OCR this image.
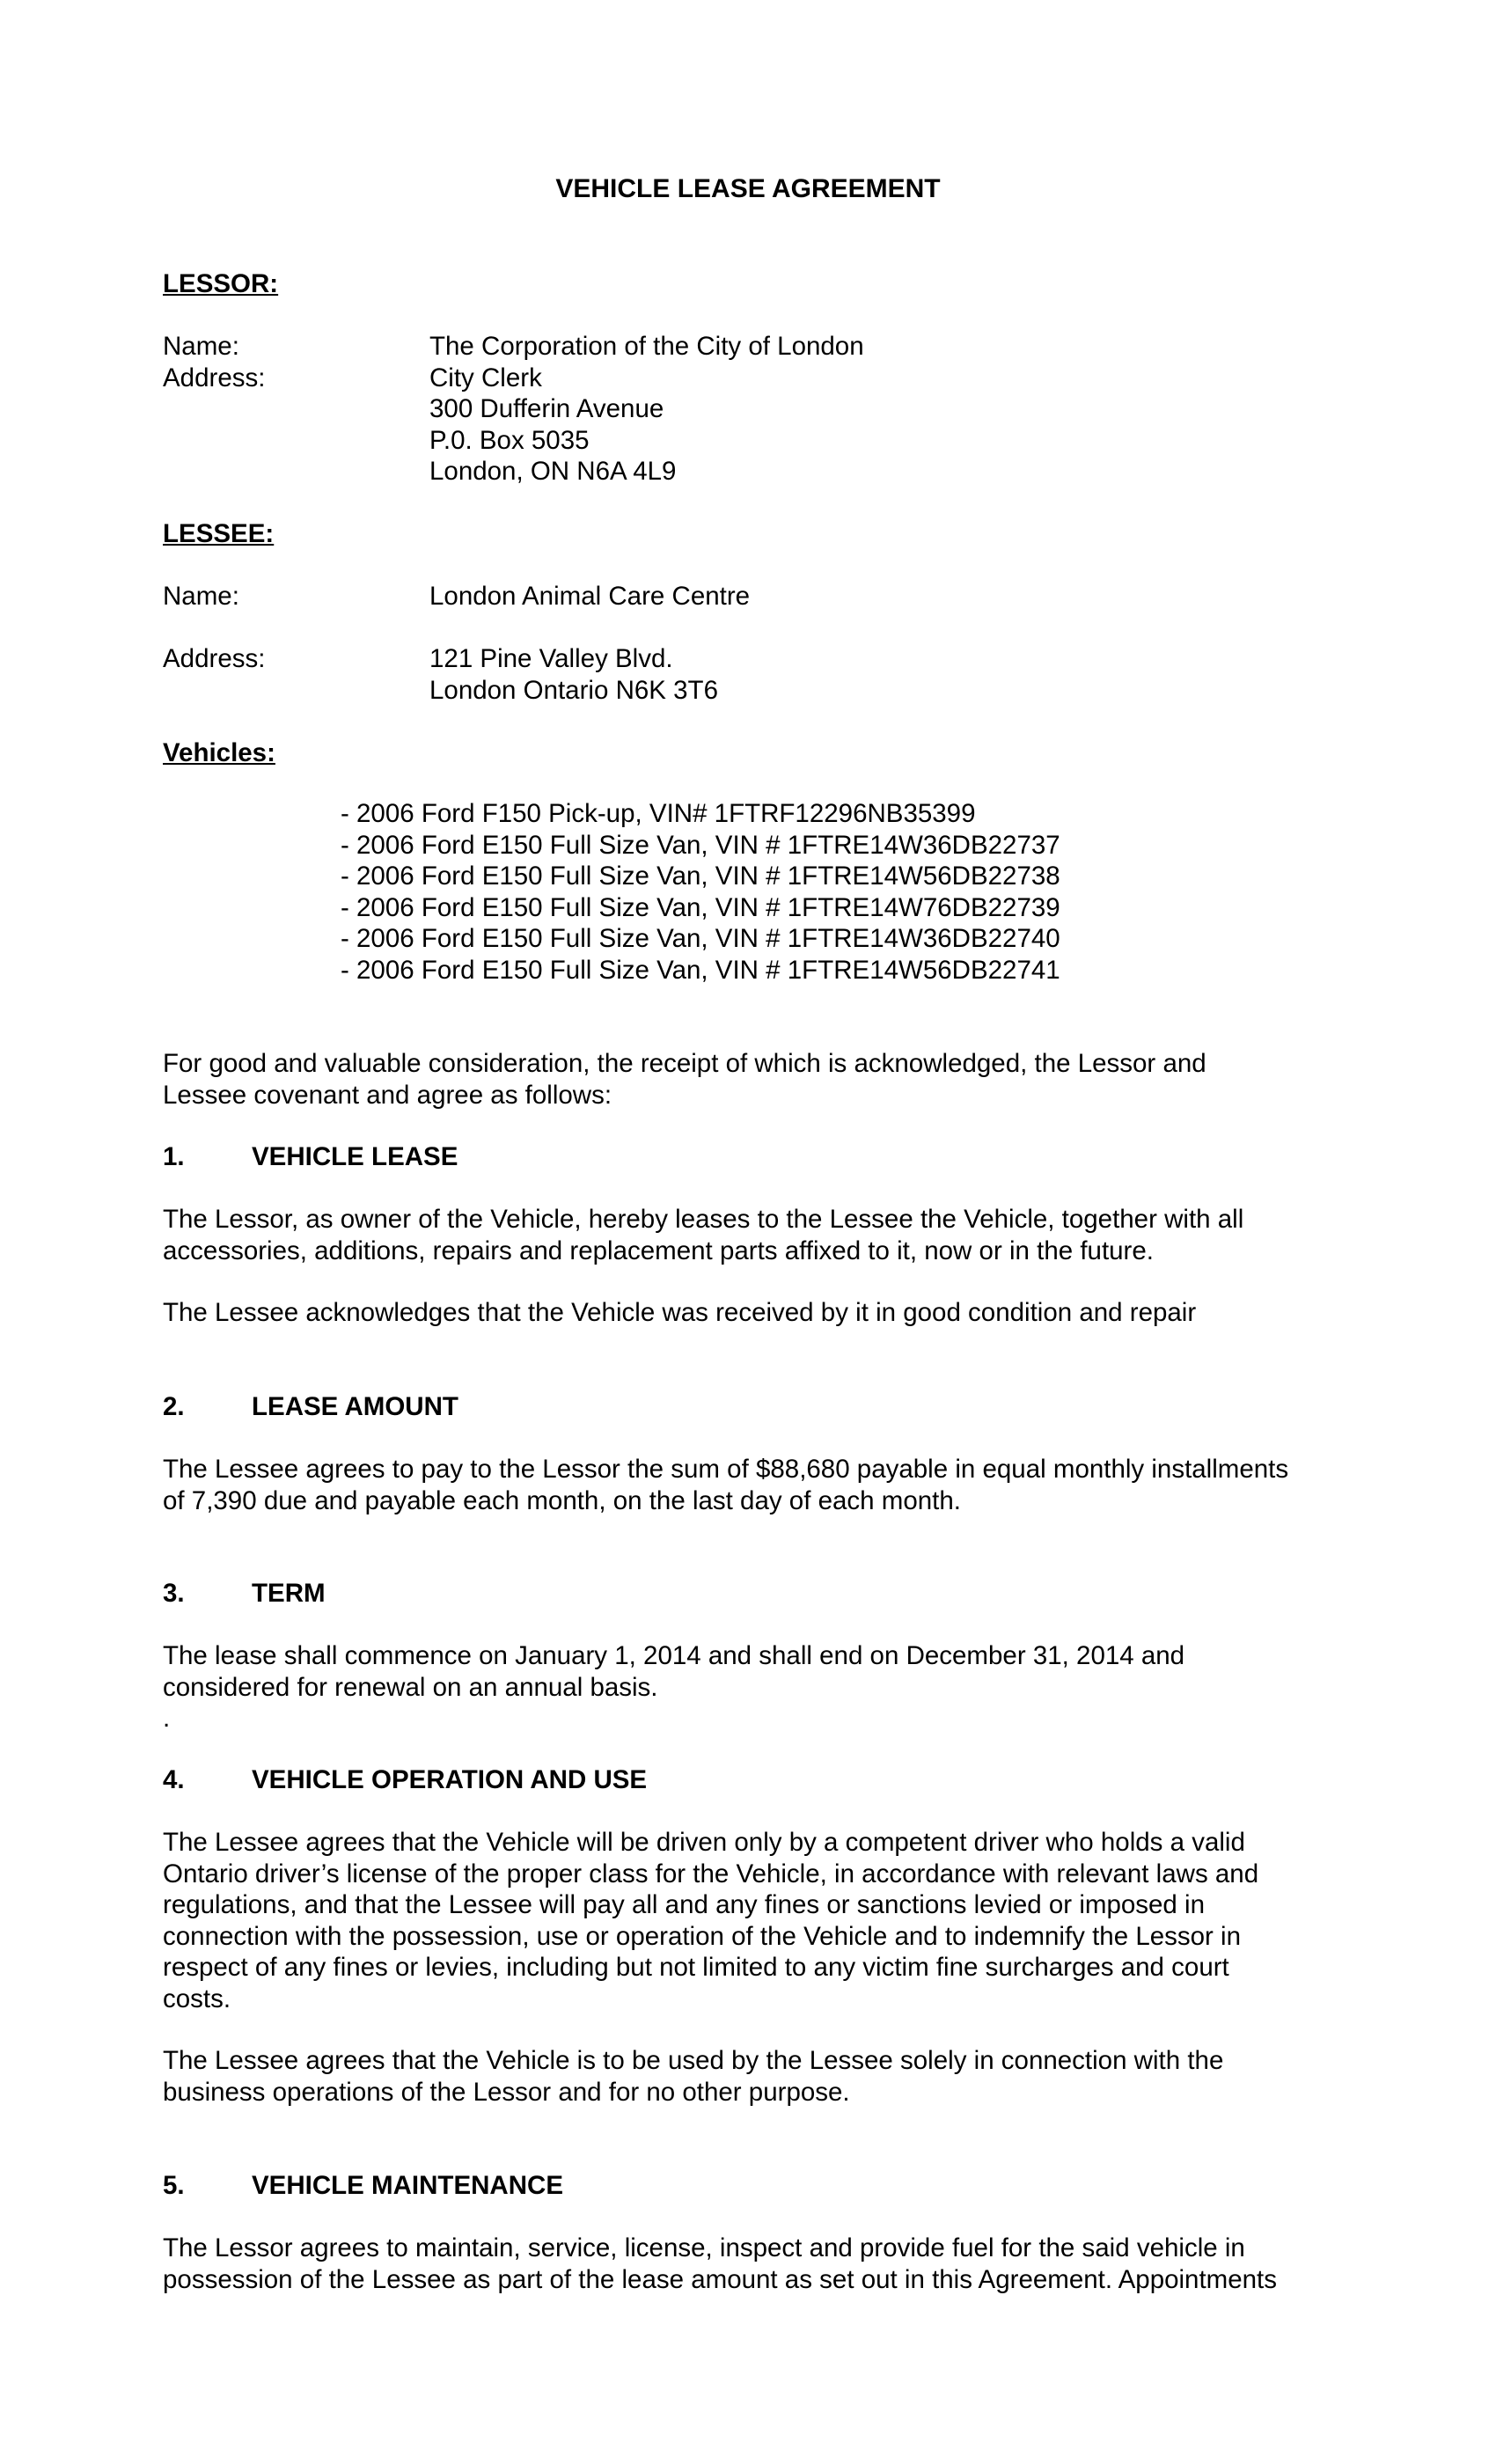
VEHICLE LEASE AGREEMENT
LESSOR:
Name:	The Corporation of the City of London
Address:	City Clerk
300 Dufferin Avenue
P.0. Box 5035
London, ON N6A 4L9
LESSEE:
Name:	London Animal Care Centre
Address:	121 Pine Valley Blvd.
London Ontario N6K 3T6
Vehicles:
- 2006 Ford F150 Pick-up, VIN# 1FTRF12296NB35399
- 2006 Ford E150 Full Size Van, VIN # 1FTRE14W36DB22737
- 2006 Ford E150 Full Size Van, VIN # 1FTRE14W56DB22738
- 2006 Ford E150 Full Size Van, VIN # 1FTRE14W76DB22739
- 2006 Ford E150 Full Size Van, VIN # 1FTRE14W36DB22740
- 2006 Ford E150 Full Size Van, VIN # 1FTRE14W56DB22741
For good and valuable consideration, the receipt of which is acknowledged, the Lessor and
Lessee covenant and agree as follows:
1.	VEHICLE LEASE
The Lessor, as owner of the Vehicle, hereby leases to the Lessee the Vehicle, together with all
accessories, additions, repairs and replacement parts affixed to it, now or in the future.
The Lessee acknowledges that the Vehicle was received by it in good condition and repair
2.	LEASE AMOUNT
The Lessee agrees to pay to the Lessor the sum of $88,680 payable in equal monthly installments
of 7,390 due and payable each month, on the last day of each month.
3.	TERM
The lease shall commence on January 1, 2014 and shall end on December 31, 2014 and
considered for renewal on an annual basis.
.
4.	VEHICLE OPERATION AND USE
The Lessee agrees that the Vehicle will be driven only by a competent driver who holds a valid
Ontario driver’s license of the proper class for the Vehicle, in accordance with relevant laws and
regulations, and that the Lessee will pay all and any fines or sanctions levied or imposed in
connection with the possession, use or operation of the Vehicle and to indemnify the Lessor in
respect of any fines or levies, including but not limited to any victim fine surcharges and court
costs.
The Lessee agrees that the Vehicle is to be used by the Lessee solely in connection with the
business operations of the Lessor and for no other purpose.
5.	VEHICLE MAINTENANCE
The Lessor agrees to maintain, service, license, inspect and provide fuel for the said vehicle in
possession of the Lessee as part of the lease amount as set out in this Agreement. Appointments
